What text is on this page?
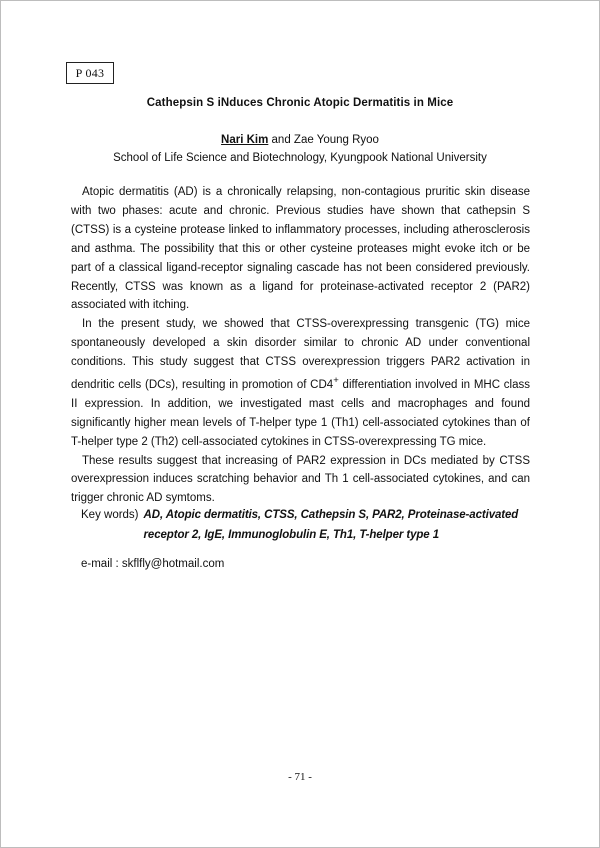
P 043
Cathepsin S iNduces Chronic Atopic Dermatitis in Mice
Nari Kim and Zae Young Ryoo
School of Life Science and Biotechnology, Kyungpook National University

Atopic dermatitis (AD) is a chronically relapsing, non-contagious pruritic skin disease with two phases: acute and chronic. Previous studies have shown that cathepsin S (CTSS) is a cysteine protease linked to inflammatory processes, including atherosclerosis and asthma. The possibility that this or other cysteine proteases might evoke itch or be part of a classical ligand-receptor signaling cascade has not been considered previously. Recently, CTSS was known as a ligand for proteinase-activated receptor 2 (PAR2) associated with itching.

In the present study, we showed that CTSS-overexpressing transgenic (TG) mice spontaneously developed a skin disorder similar to chronic AD under conventional conditions. This study suggest that CTSS overexpression triggers PAR2 activation in dendritic cells (DCs), resulting in promotion of CD4+ differentiation involved in MHC class II expression. In addition, we investigated mast cells and macrophages and found significantly higher mean levels of T-helper type 1 (Th1) cell-associated cytokines than of T-helper type 2 (Th2) cell-associated cytokines in CTSS-overexpressing TG mice.

These results suggest that increasing of PAR2 expression in DCs mediated by CTSS overexpression induces scratching behavior and Th 1 cell-associated cytokines, and can trigger chronic AD symtoms.

Key words) AD, Atopic dermatitis, CTSS, Cathepsin S, PAR2, Proteinase-activated receptor 2, IgE, Immunoglobulin E, Th1, T-helper type 1
e-mail : skflfly@hotmail.com
- 71 -
